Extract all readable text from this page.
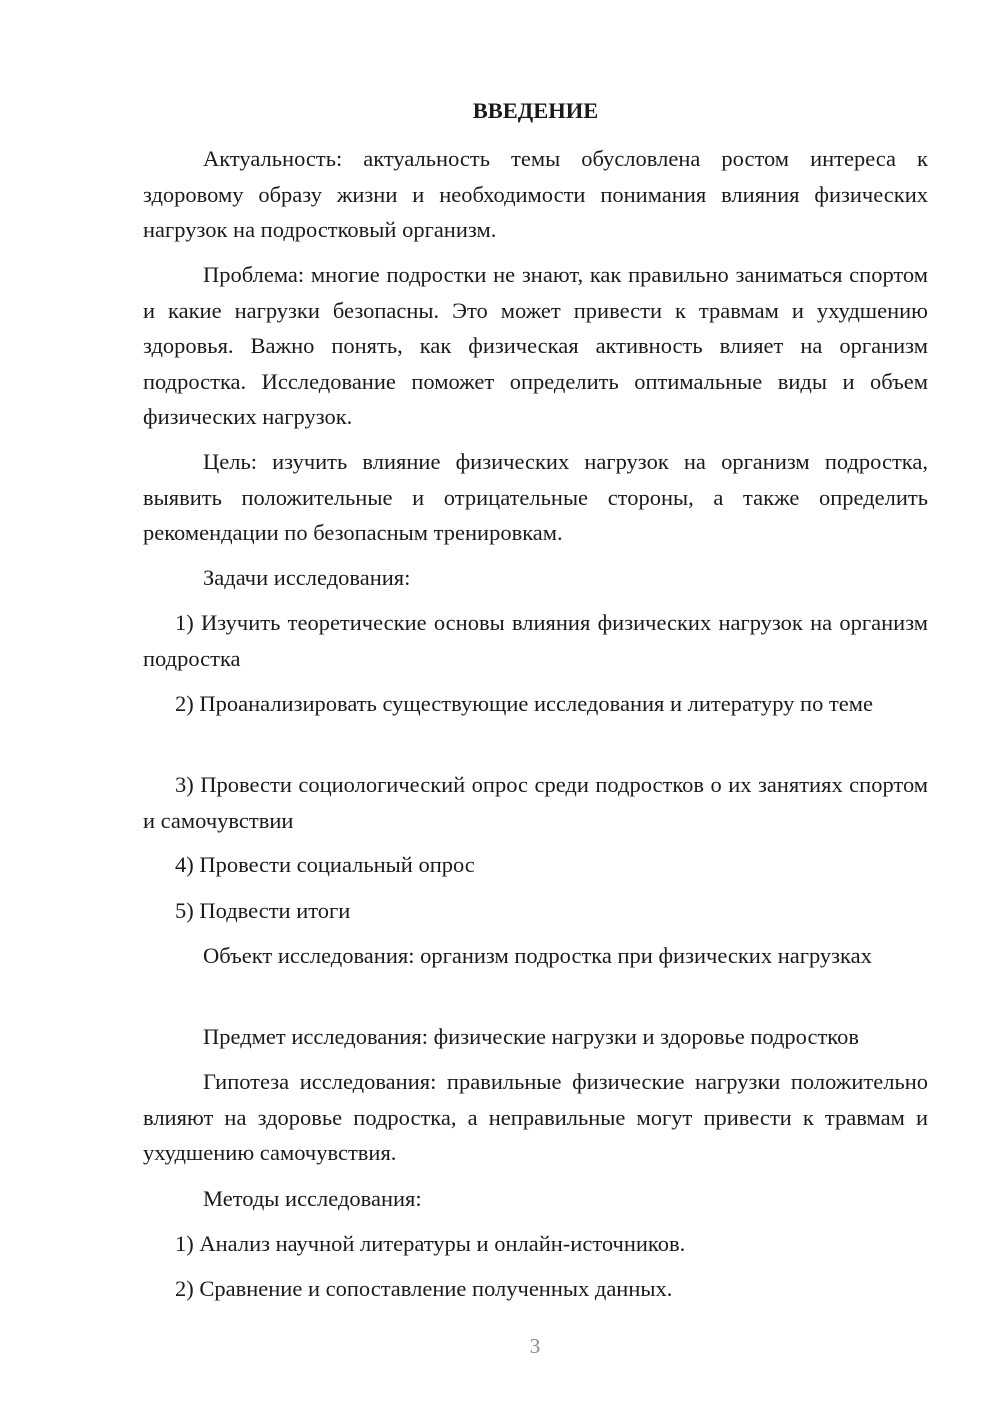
ВВЕДЕНИЕ

Актуальность: актуальность темы обусловлена ростом интереса к здоровому образу жизни и необходимости понимания влияния физических нагрузок на подростковый организм.

Проблема: многие подростки не знают, как правильно заниматься спортом и какие нагрузки безопасны. Это может привести к травмам и ухудшению здоровья. Важно понять, как физическая активность влияет на организм подростка. Исследование поможет определить оптимальные виды и объем физических нагрузок.

Цель: изучить влияние физических нагрузок на организм подростка, выявить положительные и отрицательные стороны, а также определить рекомендации по безопасным тренировкам.

Задачи исследования:

1) Изучить теоретические основы влияния физических нагрузок на организм подростка

2) Проанализировать существующие исследования и литературу по теме

3) Провести социологический опрос среди подростков о их занятиях спортом и самочувствии

4) Провести социальный опрос

5) Подвести итоги

Объект исследования: организм подростка при физических нагрузках

Предмет исследования: физические нагрузки и здоровье подростков

Гипотеза исследования: правильные физические нагрузки положительно влияют на здоровье подростка, а неправильные могут привести к травмам и ухудшению самочувствия.

Методы исследования:

1) Анализ научной литературы и онлайн-источников.

2) Сравнение и сопоставление полученных данных.

3
